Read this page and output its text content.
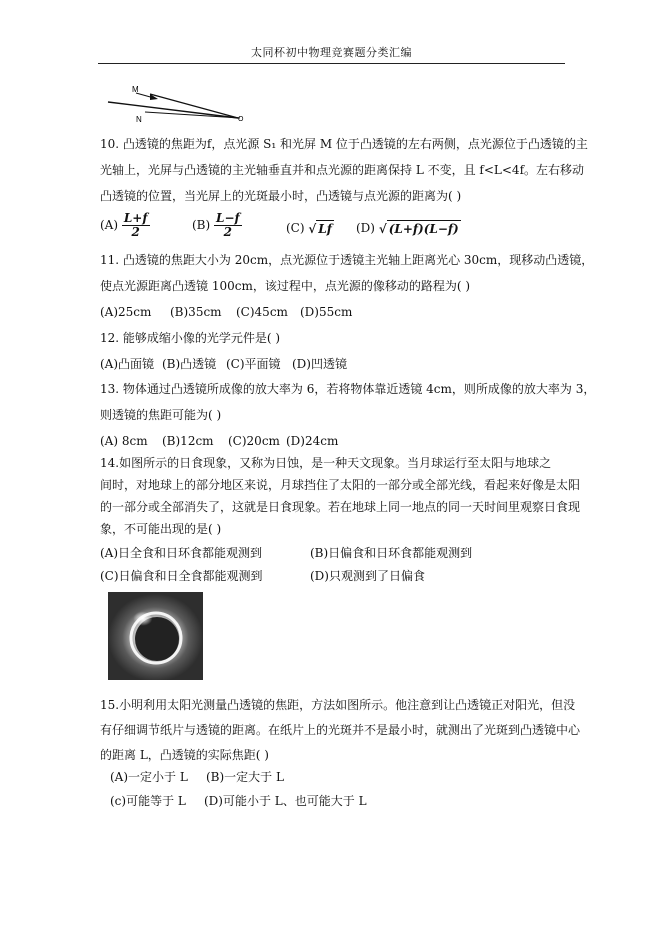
太同杯初中物理竞赛题分类汇编
M
N	O
10. 凸透镜的焦距为f，点光源 S₁ 和光屏 M 位于凸透镜的左右两侧，点光源位于凸透镜的主
光轴上，光屏与凸透镜的主光轴垂直并和点光源的距离保持 L 不变，且 f<L<4f。左右移动
凸透镜的位置，当光屏上的光斑最小时，凸透镜与点光源的距离为( )
$(A) \frac{L+f}{2}$	$(B) \frac{L-f}{2}$	(C) √ Lf (D) √ (L+f)(L−f)
11. 凸透镜的焦距大小为 20cm，点光源位于透镜主光轴上距离光心 30cm，现移动凸透镜，
使点光源距离凸透镜 100cm，该过程中，点光源的像移动的路程为( )
(A)25cm (B)35cm (C)45cm (D)55cm
12. 能够成缩小像的光学元件是( )
(A)凸面镜 (B)凸透镜 (C)平面镜 (D)凹透镜
13. 物体通过凸透镜所成像的放大率为 6，若将物体靠近透镜 4cm，则所成像的放大率为 3，
则透镜的焦距可能为( )
(A) 8cm (B)12cm (C)20cm (D)24cm
14.如图所示的日食现象，又称为日蚀，是一种天文现象。当月球运行至太阳与地球之
间时，对地球上的部分地区来说，月球挡住了太阳的一部分或全部光线，看起来好像是太阳
的一部分或全部消失了，这就是日食现象。若在地球上同一地点的同一天时间里观察日食现
象，不可能出现的是( )
(A)日全食和日环食都能观测到	(B)日偏食和日环食都能观测到
(C)日偏食和日全食都能观测到	(D)只观测到了日偏食
15.小明利用太阳光测量凸透镜的焦距，方法如图所示。他注意到让凸透镜正对阳光，但没
有仔细调节纸片与透镜的距离。在纸片上的光斑并不是最小时，就测出了光斑到凸透镜中心
的距离 L，凸透镜的实际焦距( )
(A)一定小于 L (B)一定大于 L
(c)可能等于 L (D)可能小于 L、也可能大于 L
